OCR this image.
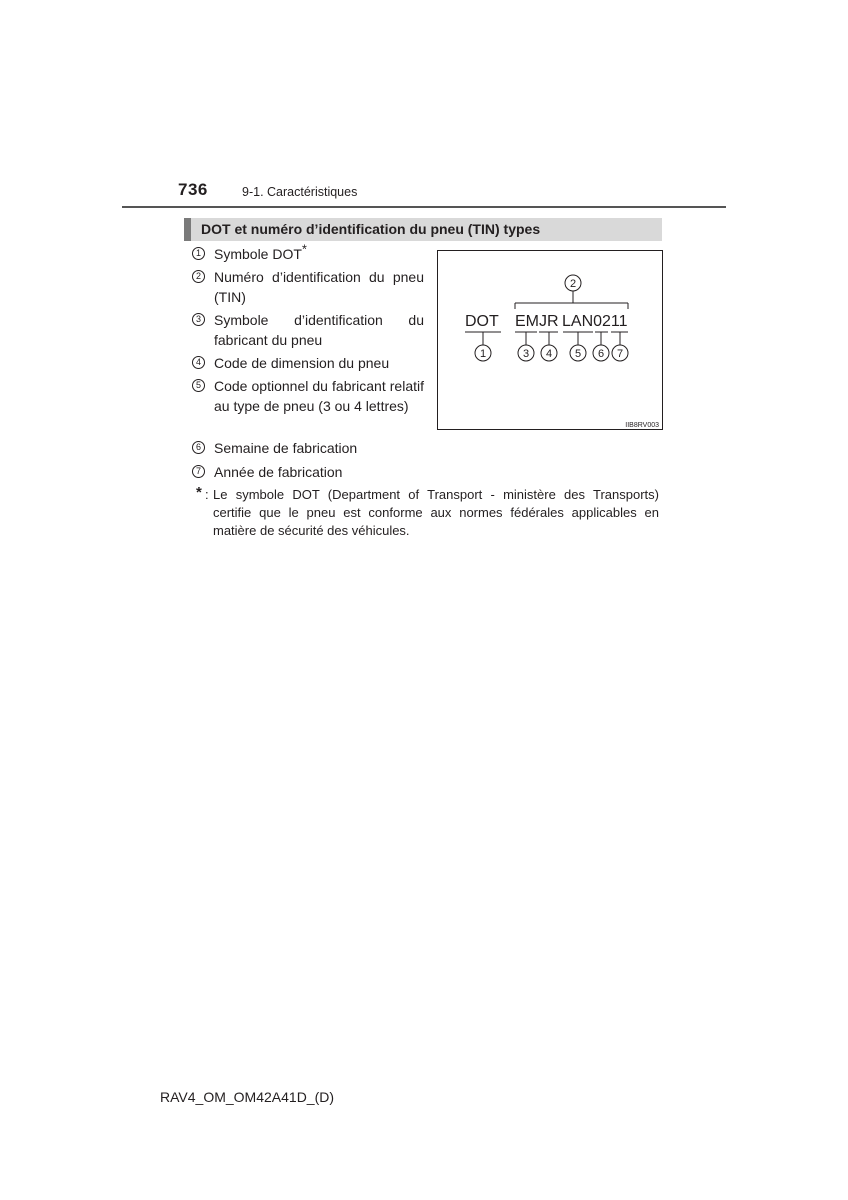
736	9-1. Caractéristiques
DOT et numéro d’identification du pneu (TIN) types
1 Symbole DOT*
2 Numéro d’identification du pneu (TIN)
3 Symbole d’identification du fabricant du pneu
4 Code de dimension du pneu
5 Code optionnel du fabricant relatif au type de pneu (3 ou 4 lettres)
6 Semaine de fabrication
7 Année de fabrication
* : Le symbole DOT (Department of Transport - ministère des Transports) certifie que le pneu est conforme aux normes fédérales applicables en matière de sécurité des véhicules.
2
1	3 4 5 6 7
DOT EMJR LAN0211
IIB8RV003
RAV4_OM_OM42A41D_(D)
